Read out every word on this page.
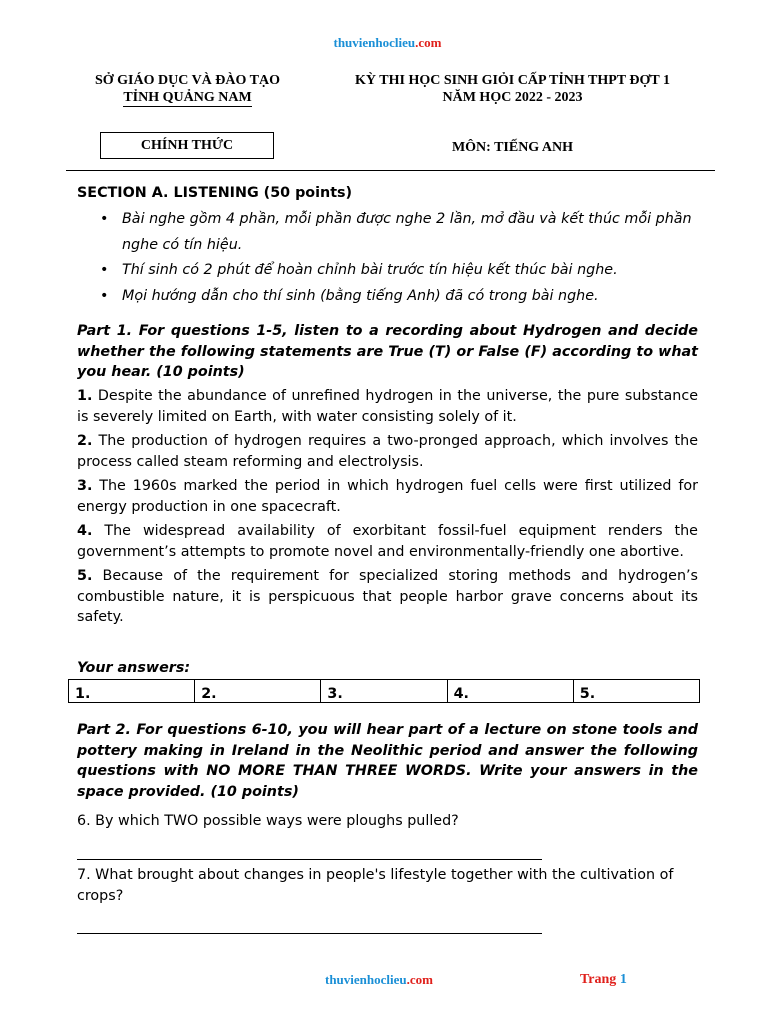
thuvienhoclieu.com
SỞ GIÁO DỤC VÀ ĐÀO TẠO
TỈNH QUẢNG NAM
KỲ THI HỌC SINH GIỎI CẤP TỈNH THPT ĐỢT 1
NĂM HỌC 2022 - 2023
CHÍNH THỨC	MÔN: TIẾNG ANH
SECTION A. LISTENING (50 points)
• Bài nghe gồm 4 phần, mỗi phần được nghe 2 lần, mở đầu và kết thúc mỗi phần nghe có tín hiệu.
• Thí sinh có 2 phút để hoàn chỉnh bài trước tín hiệu kết thúc bài nghe.
• Mọi hướng dẫn cho thí sinh (bằng tiếng Anh) đã có trong bài nghe.
Part 1. For questions 1-5, listen to a recording about Hydrogen and decide whether the following statements are True (T) or False (F) according to what you hear. (10 points)
1. Despite the abundance of unrefined hydrogen in the universe, the pure substance is severely limited on Earth, with water consisting solely of it.
2. The production of hydrogen requires a two-pronged approach, which involves the process called steam reforming and electrolysis.
3. The 1960s marked the period in which hydrogen fuel cells were first utilized for energy production in one spacecraft.
4. The widespread availability of exorbitant fossil-fuel equipment renders the government’s attempts to promote novel and environmentally-friendly one abortive.
5. Because of the requirement for specialized storing methods and hydrogen’s combustible nature, it is perspicuous that people harbor grave concerns about its safety.
Your answers:
1.	2.	3.	4.	5.
Part 2. For questions 6-10, you will hear part of a lecture on stone tools and pottery making in Ireland in the Neolithic period and answer the following questions with NO MORE THAN THREE WORDS. Write your answers in the space provided. (10 points)
6. By which TWO possible ways were ploughs pulled?
7. What brought about changes in people's lifestyle together with the cultivation of crops?
thuvienhoclieu.com	Trang 1
